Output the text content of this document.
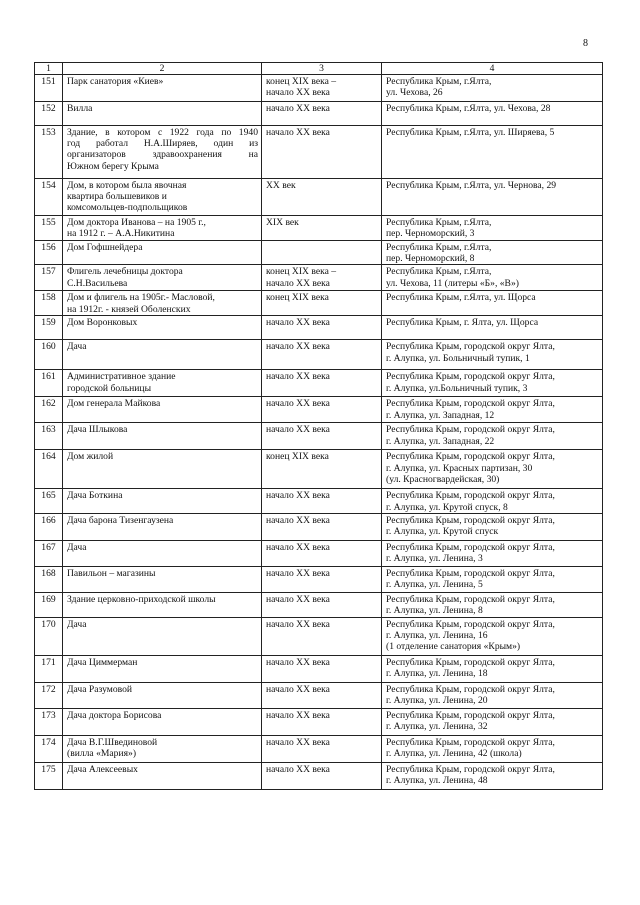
8
1	2	3	4
151	Парк санатория «Киев»	конец XIX века –
начало XX века	Республика Крым, г.Ялта,
ул. Чехова, 26

152	Вилла	начало XX века	Республика Крым, г.Ялта, ул. Чехова, 28

153	Здание, в котором с 1922 года по 1940
год работал Н.А.Ширяев, один из
организаторов здравоохранения на
Южном берегу Крыма	начало XX века	Республика Крым, г.Ялта, ул. Ширяева, 5

154	Дом, в котором была явочная
квартира большевиков и
комсомольцев-подпольщиков	XX век	Республика Крым, г.Ялта, ул. Чернова, 29

155	Дом доктора Иванова – на 1905 г.,
на 1912 г. – А.А.Никитина	XIX век	Республика Крым, г.Ялта,
пер. Черноморский, 3

156	Дом Гофшнейдера		Республика Крым, г.Ялта,
пер. Черноморский, 8

157	Флигель лечебницы доктора
С.Н.Васильева	конец XIX века –
начало XX века	Республика Крым, г.Ялта,
ул. Чехова, 11 (литеры «Б», «В»)

158	Дом и флигель на 1905г.- Масловой,
на 1912г. - князей Оболенских	конец XIX века	Республика Крым, г.Ялта, ул. Щорса

159	Дом Воронковых	начало XX века	Республика Крым, г. Ялта, ул. Щорса

160	Дача	начало XX века	Республика Крым, городской округ Ялта,
г. Алупка, ул. Больничный тупик, 1

161	Административное здание
городской больницы	начало XX века	Республика Крым, городской округ Ялта,
г. Алупка, ул.Больничный тупик, 3

162	Дом генерала Майкова	начало XX века	Республика Крым, городской округ Ялта,
г. Алупка, ул. Западная, 12

163	Дача Шлыкова	начало XX века	Республика Крым, городской округ Ялта,
г. Алупка, ул. Западная, 22

164	Дом жилой	конец XIX века	Республика Крым, городской округ Ялта,
г. Алупка, ул. Красных партизан, 30
(ул. Красногвардейская, 30)

165	Дача Боткина	начало XX века	Республика Крым, городской округ Ялта,
г. Алупка, ул. Крутой спуск, 8

166	Дача барона Тизенгаузена	начало XX века	Республика Крым, городской округ Ялта,
г. Алупка, ул. Крутой спуск

167	Дача	начало XX века	Республика Крым, городской округ Ялта,
г. Алупка, ул. Ленина, 3

168	Павильон – магазины	начало XX века	Республика Крым, городской округ Ялта,
г. Алупка, ул. Ленина, 5

169	Здание церковно-приходской школы	начало XX века	Республика Крым, городской округ Ялта,
г. Алупка, ул. Ленина, 8

170	Дача	начало XX века	Республика Крым, городской округ Ялта,
г. Алупка, ул. Ленина, 16
(1 отделение санатория «Крым»)

171	Дача Циммерман	начало XX века	Республика Крым, городской округ Ялта,
г. Алупка, ул. Ленина, 18

172	Дача Разумовой	начало XX века	Республика Крым, городской округ Ялта,
г. Алупка, ул. Ленина, 20

173	Дача доктора Борисова	начало XX века	Республика Крым, городской округ Ялта,
г. Алупка, ул. Ленина, 32

174	Дача В.Г.Швединовой
(вилла «Мария»)	начало XX века	Республика Крым, городской округ Ялта,
г. Алупка, ул. Ленина, 42 (школа)

175	Дача Алексеевых	начало XX века	Республика Крым, городской округ Ялта,
г. Алупка, ул. Ленина, 48
